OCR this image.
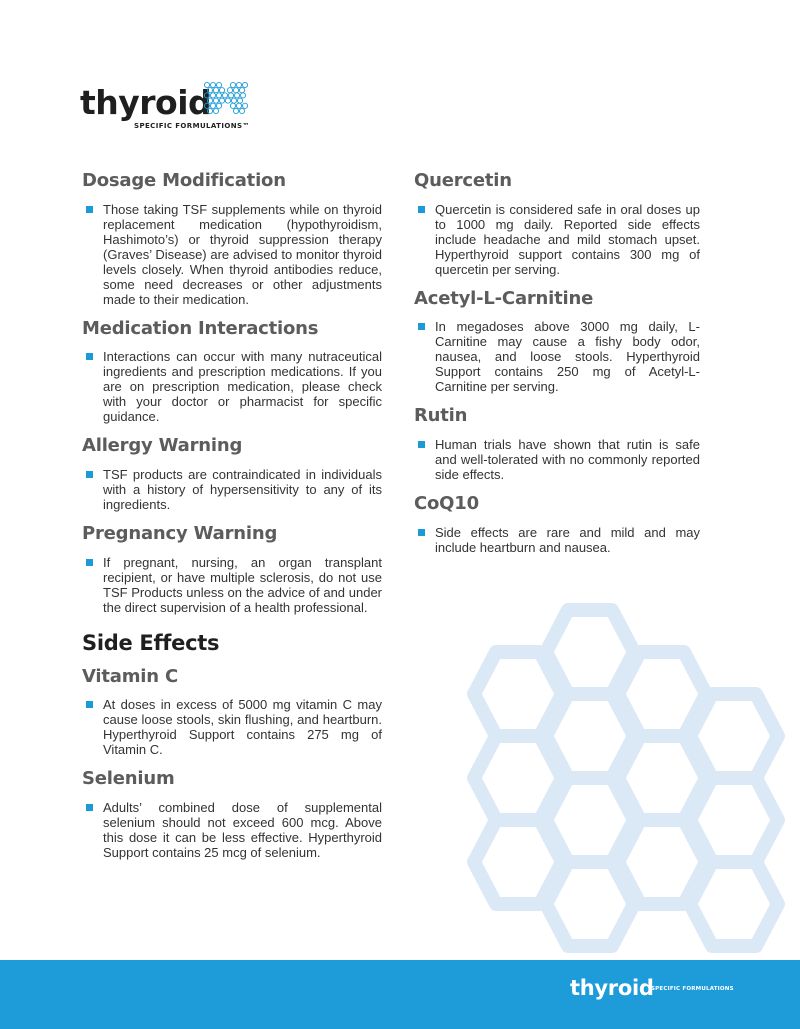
thyroid
SPECIFIC FORMULATIONS™
Dosage Modification
Those taking TSF supplements while on thyroid replacement medication (hypothyroidism, Hashimoto’s) or thyroid suppression therapy (Graves’ Disease) are advised to monitor thyroid levels closely. When thyroid antibodies reduce, some need decreases or other adjustments made to their medication.
Medication Interactions
Interactions can occur with many nutraceutical ingredients and prescription medications. If you are on prescription medication, please check with your doctor or pharmacist for specific guidance.
Allergy Warning
TSF products are contraindicated in individuals with a history of hypersensitivity to any of its ingredients.
Pregnancy Warning
If pregnant, nursing, an organ transplant recipient, or have multiple sclerosis, do not use TSF Products unless on the advice of and under the direct supervision of a health professional.
Side Effects
Vitamin C
At doses in excess of 5000 mg vitamin C may cause loose stools, skin flushing, and heartburn. Hyperthyroid Support contains 275 mg of Vitamin C.
Selenium
Adults’ combined dose of supplemental selenium should not exceed 600 mcg. Above this dose it can be less effective. Hyperthyroid Support contains 25 mcg of selenium.
Quercetin
Quercetin is considered safe in oral doses up to 1000 mg daily. Reported side effects include headache and mild stomach upset. Hyperthyroid support contains 300 mg of quercetin per serving.
Acetyl-L-Carnitine
In megadoses above 3000 mg daily, L-Carnitine may cause a fishy body odor, nausea, and loose stools. Hyperthyroid Support contains 250 mg of Acetyl-L-Carnitine per serving.
Rutin
Human trials have shown that rutin is safe and well-tolerated with no commonly reported side effects.
CoQ10
Side effects are rare and mild and may include heartburn and nausea.
thyroid
SPECIFIC FORMULATIONS
